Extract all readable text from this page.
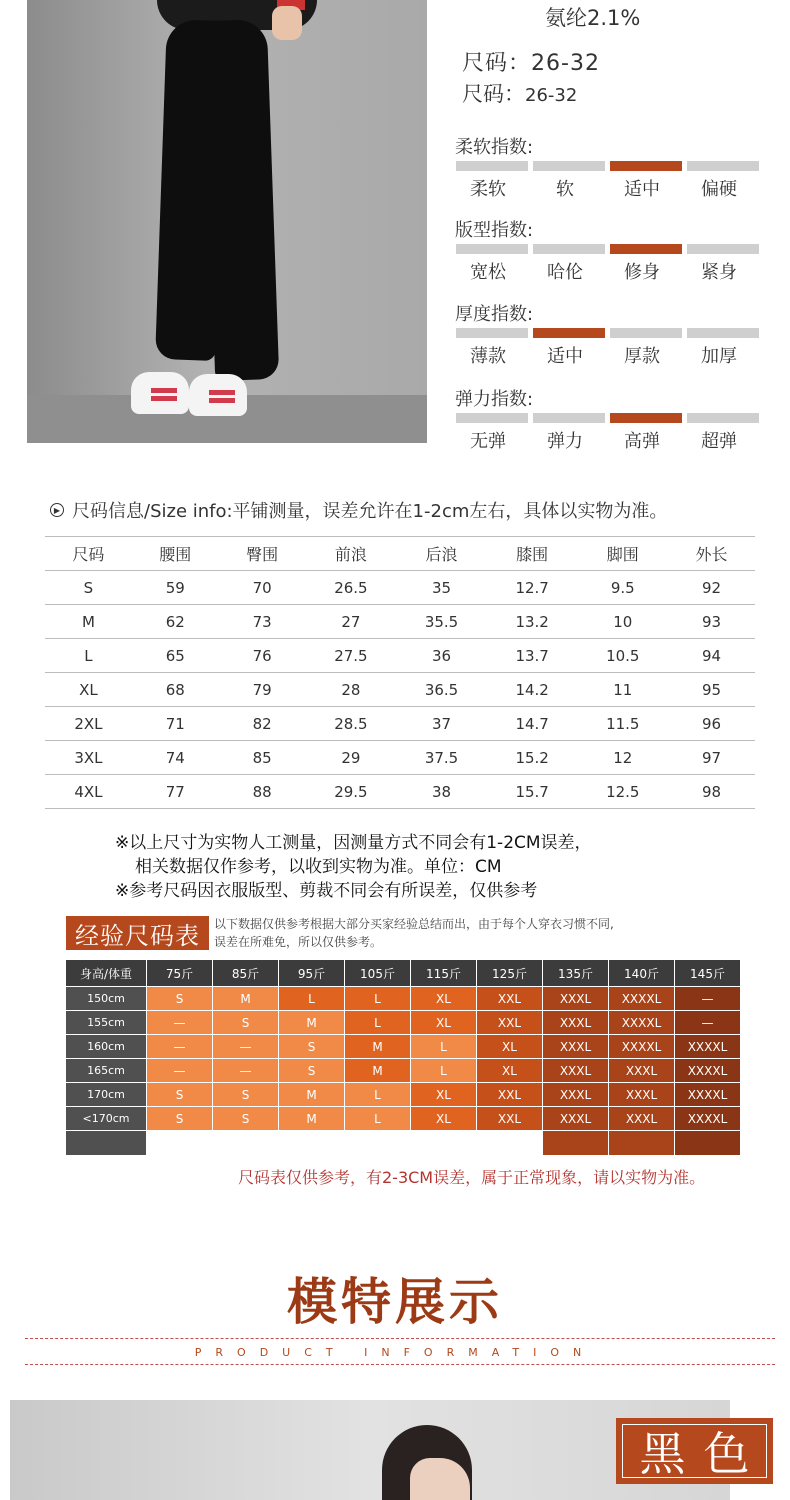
氨纶2.1%
尺码：26-32
尺码：26-32
柔软指数:
柔软	软	适中	偏硬
版型指数:
宽松	哈伦	修身	紧身
厚度指数:
薄款	适中	厚款	加厚
弹力指数:
无弹	弹力	高弹	超弹
▶ 尺码信息/Size info:平铺测量，误差允许在1-2cm左右，具体以实物为准。
尺码	腰围	臀围	前浪	后浪	膝围	脚围	外长
S	59	70	26.5	35	12.7	9.5	92
M	62	73	27	35.5	13.2	10	93
L	65	76	27.5	36	13.7	10.5	94
XL	68	79	28	36.5	14.2	11	95
2XL	71	82	28.5	37	14.7	11.5	96
3XL	74	85	29	37.5	15.2	12	97
4XL	77	88	29.5	38	15.7	12.5	98
※以上尺寸为实物人工测量，因测量方式不同会有1-2CM误差，
相关数据仅作参考，以收到实物为准。单位：CM
※参考尺码因衣服版型、剪裁不同会有所误差，仅供参考
经验尺码表	以下数据仅供参考根据大部分买家经验总结而出，由于每个人穿衣习惯不同,
误差在所难免，所以仅供参考。
身高/体重	75斤	85斤	95斤	105斤	115斤	125斤	135斤	140斤	145斤
150cm	S	M	L	L	XL	XXL	XXXL	XXXXL	—
155cm	—	S	M	L	XL	XXL	XXXL	XXXXL	—
160cm	—	—	S	M	L	XL	XXXL	XXXXL	XXXXL
165cm	—	—	S	M	L	XL	XXXL	XXXL	XXXXL
170cm	S	S	M	L	XL	XXL	XXXL	XXXL	XXXXL
<170cm	S	S	M	L	XL	XXL	XXXL	XXXL	XXXXL
尺码表仅供参考，有2-3CM误差，属于正常现象，请以实物为准。
模特展示
PRODUCT INFORMATION
黑色
